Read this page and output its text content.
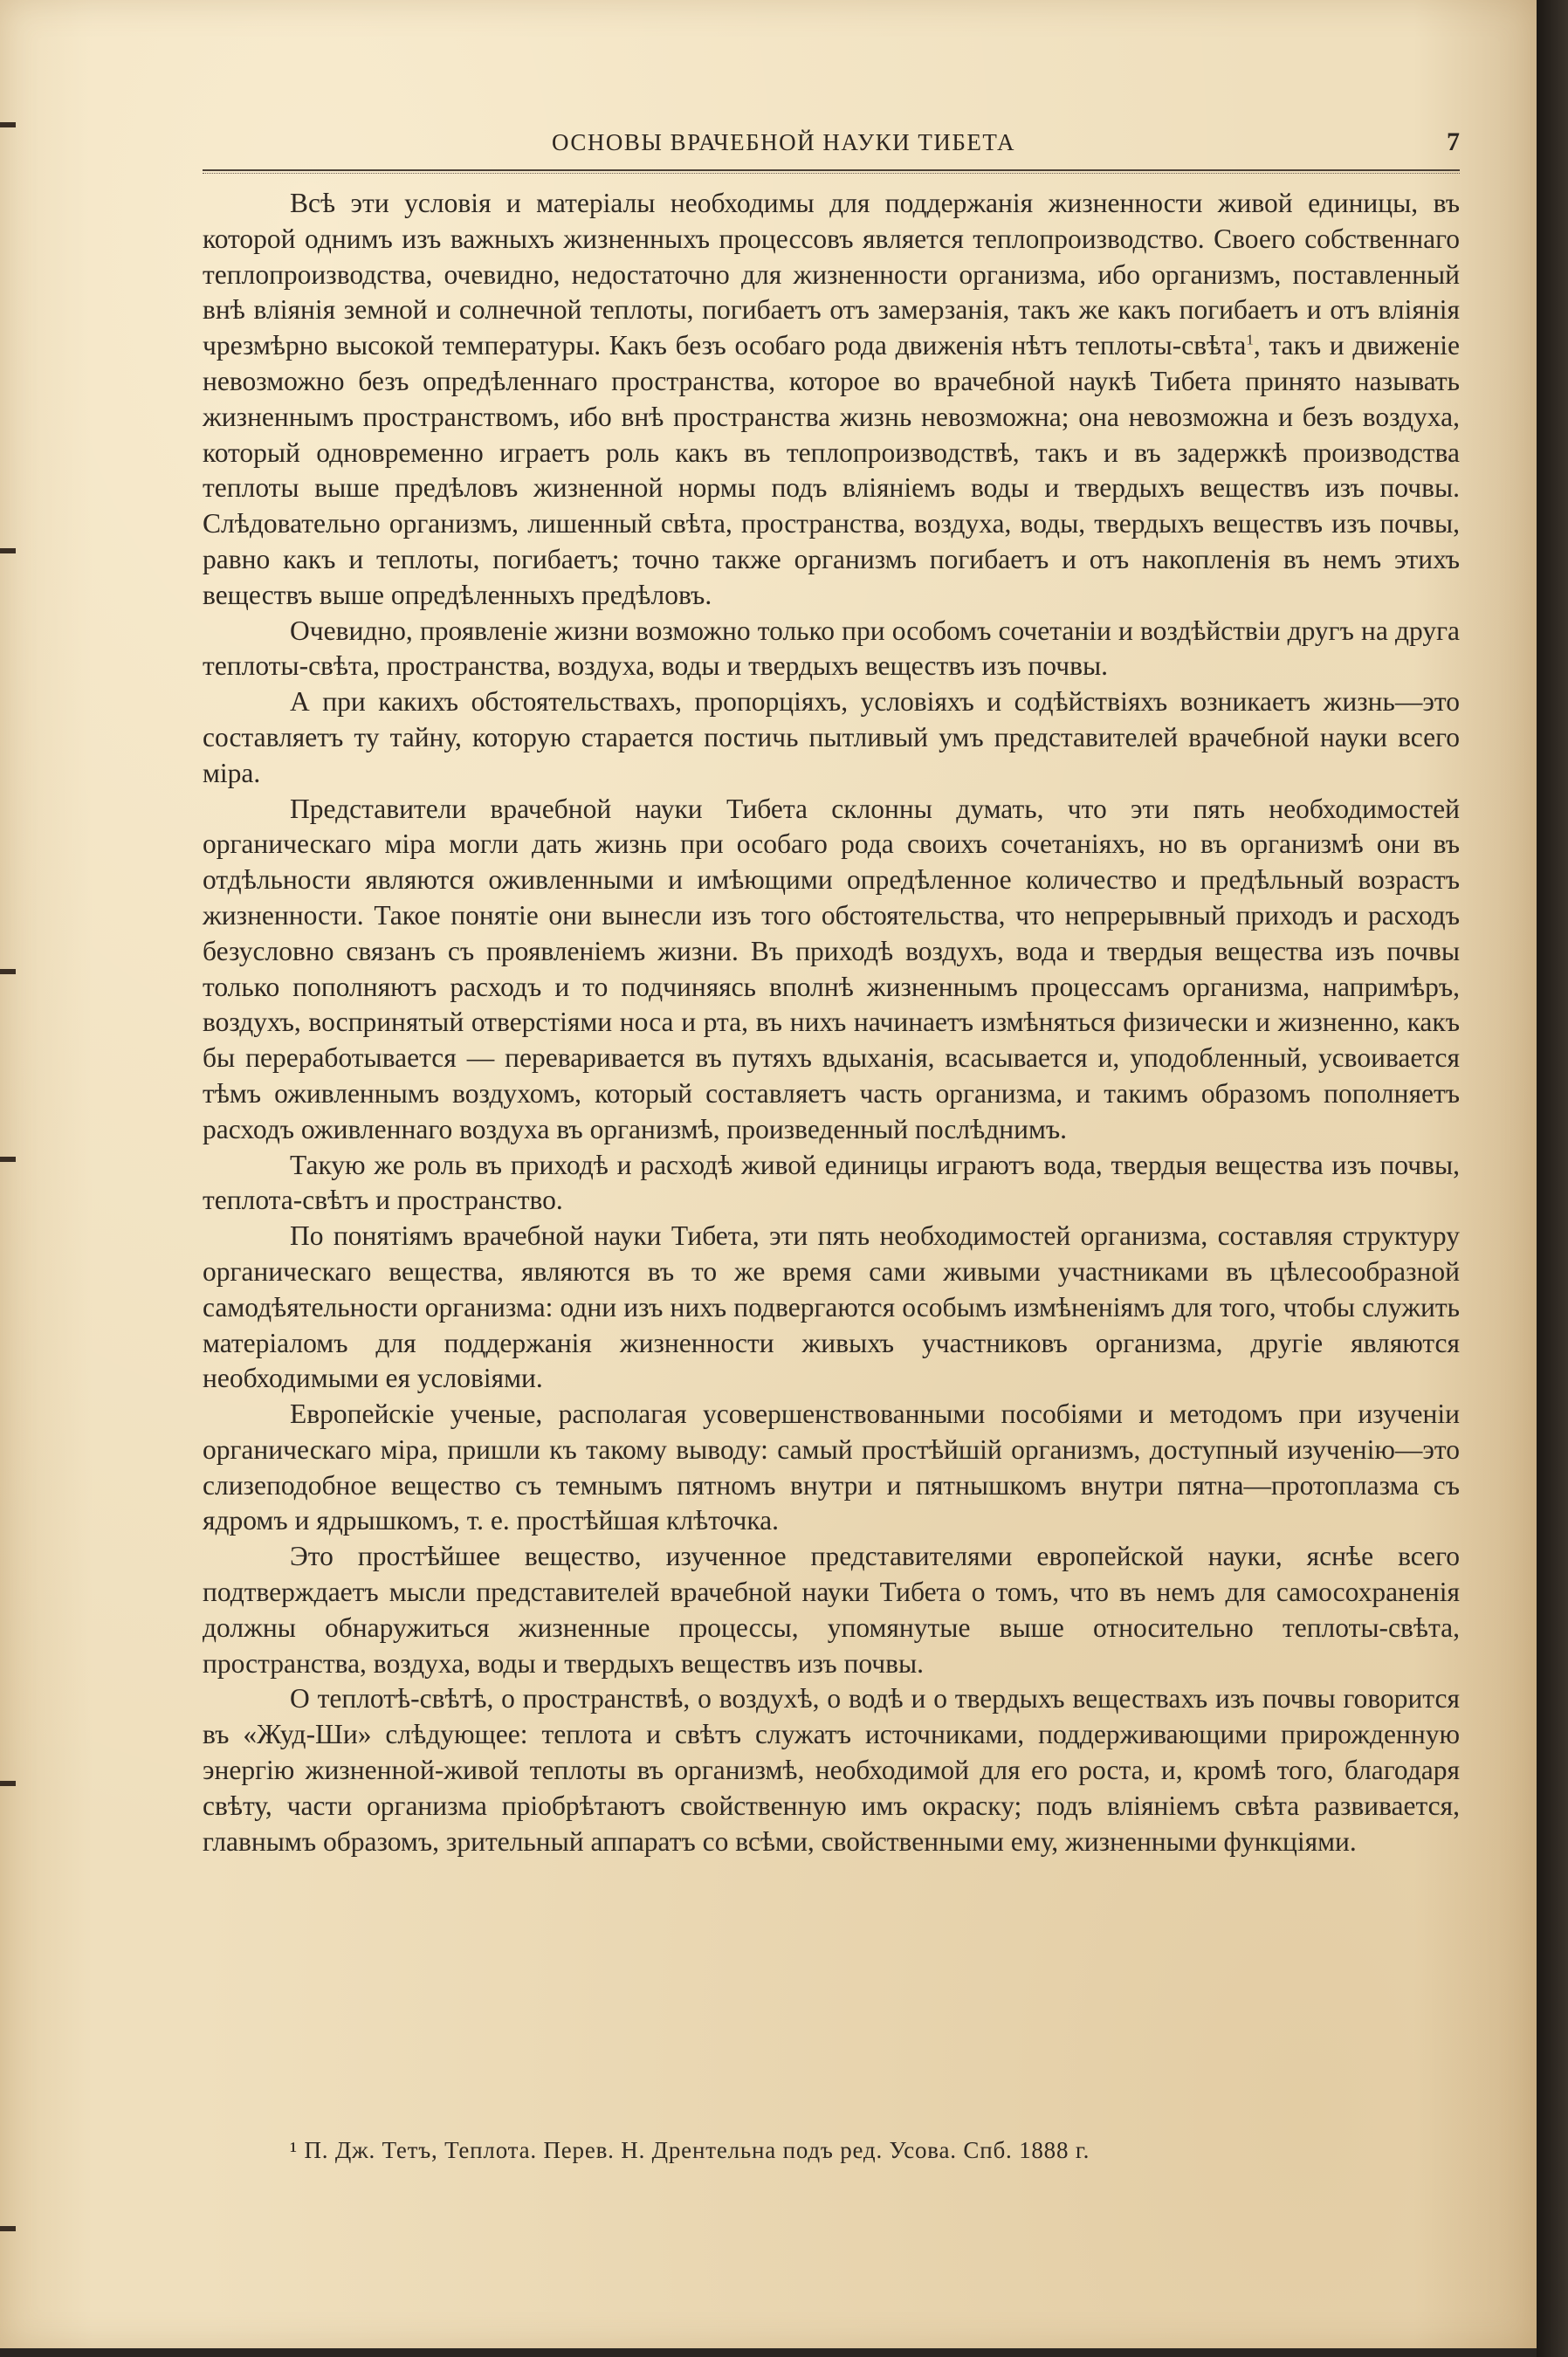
ОСНОВЫ ВРАЧЕБНОЙ НАУКИ ТИБЕТА	7

Всѣ эти условія и матеріалы необходимы для поддержанія жизненности живой единицы, въ которой однимъ изъ важныхъ жизненныхъ процессовъ является теплопроизводство. Своего собственнаго теплопроизводства, очевидно, недостаточно для жизненности организма, ибо организмъ, поставленный внѣ вліянія земной и солнечной теплоты, погибаетъ отъ замерзанія, такъ же какъ погибаетъ и отъ вліянія чрезмѣрно высокой температуры. Какъ безъ особаго рода движенія нѣтъ теплоты-свѣта$^1$, такъ и движеніе невозможно безъ опредѣленнаго пространства, которое во врачебной наукѣ Тибета принято называть жизненнымъ пространствомъ, ибо внѣ пространства жизнь невозможна; она невозможна и безъ воздуха, который одновременно играетъ роль какъ въ теплопроизводствѣ, такъ и въ задержкѣ производства теплоты выше предѣловъ жизненной нормы подъ вліяніемъ воды и твердыхъ веществъ изъ почвы. Слѣдовательно организмъ, лишенный свѣта, пространства, воздуха, воды, твердыхъ веществъ изъ почвы, равно какъ и теплоты, погибаетъ; точно также организмъ погибаетъ и отъ накопленія въ немъ этихъ веществъ выше опредѣленныхъ предѣловъ.

Очевидно, проявленіе жизни возможно только при особомъ сочетаніи и воздѣйствіи другъ на друга теплоты-свѣта, пространства, воздуха, воды и твердыхъ веществъ изъ почвы.

А при какихъ обстоятельствахъ, пропорціяхъ, условіяхъ и содѣйствіяхъ возникаетъ жизнь—это составляетъ ту тайну, которую старается постичь пытливый умъ представителей врачебной науки всего міра.

Представители врачебной науки Тибета склонны думать, что эти пять необходимостей органическаго міра могли дать жизнь при особаго рода своихъ сочетаніяхъ, но въ организмѣ они въ отдѣльности являются оживленными и имѣющими опредѣленное количество и предѣльный возрастъ жизненности. Такое понятіе они вынесли изъ того обстоятельства, что непрерывный приходъ и расходъ безусловно связанъ съ проявленіемъ жизни. Въ приходѣ воздухъ, вода и твердыя вещества изъ почвы только пополняютъ расходъ и то подчиняясь вполнѣ жизненнымъ процессамъ организма, напримѣръ, воздухъ, воспринятый отверстіями носа и рта, въ нихъ начинаетъ измѣняться физически и жизненно, какъ бы переработывается — перевариваетcя въ путяхъ вдыханія, всасывается и, уподобленный, усвоивается тѣмъ оживленнымъ воздухомъ, который составляетъ часть организма, и такимъ образомъ пополняетъ расходъ оживленнаго воздуха въ организмѣ, произведенный послѣднимъ.

Такую же роль въ приходѣ и расходѣ живой единицы играютъ вода, твердыя вещества изъ почвы, теплота-свѣтъ и пространство.

По понятіямъ врачебной науки Тибета, эти пять необходимостей организма, составляя структуру органическаго вещества, являются въ то же время сами живыми участниками въ цѣлесообразной самодѣятельности организма: одни изъ нихъ подвергаются особымъ измѣненіямъ для того, чтобы служить матеріаломъ для поддержанія жизненности живыхъ участниковъ организма, другіе являются необходимыми ея условіями.

Европейскіе ученые, располагая усовершенствованными пособіями и методомъ при изученіи органическаго міра, пришли къ такому выводу: самый простѣйшій организмъ, доступный изученію—это слизеподобное вещество съ темнымъ пятномъ внутри и пятнышкомъ внутри пятна—протоплазма съ ядромъ и ядрышкомъ, т. е. простѣйшая клѣточка.

Это простѣйшее вещество, изученное представителями европейской науки, яснѣе всего подтверждаетъ мысли представителей врачебной науки Тибета о томъ, что въ немъ для самосохраненія должны обнаружиться жизненные процессы, упомянутые выше относительно теплоты-свѣта, пространства, воздуха, воды и твердыхъ веществъ изъ почвы.

О теплотѣ-свѣтѣ, о пространствѣ, о воздухѣ, о водѣ и о твердыхъ веществахъ изъ почвы говорится въ «Жуд-Ши» слѣдующее: теплота и свѣтъ служатъ источниками, поддерживающими прирожденную энергію жизненной-живой теплоты въ организмѣ, необходимой для его роста, и, кромѣ того, благодаря свѣту, части организма пріобрѣтаютъ свойственную имъ окраску; подъ вліяніемъ свѣта развивается, главнымъ образомъ, зрительный аппаратъ со всѣми, свойственными ему, жизненными функціями.

¹ П. Дж. Тетъ, Теплота. Перев. Н. Дрентельна подъ ред. Усова. Спб. 1888 г.
